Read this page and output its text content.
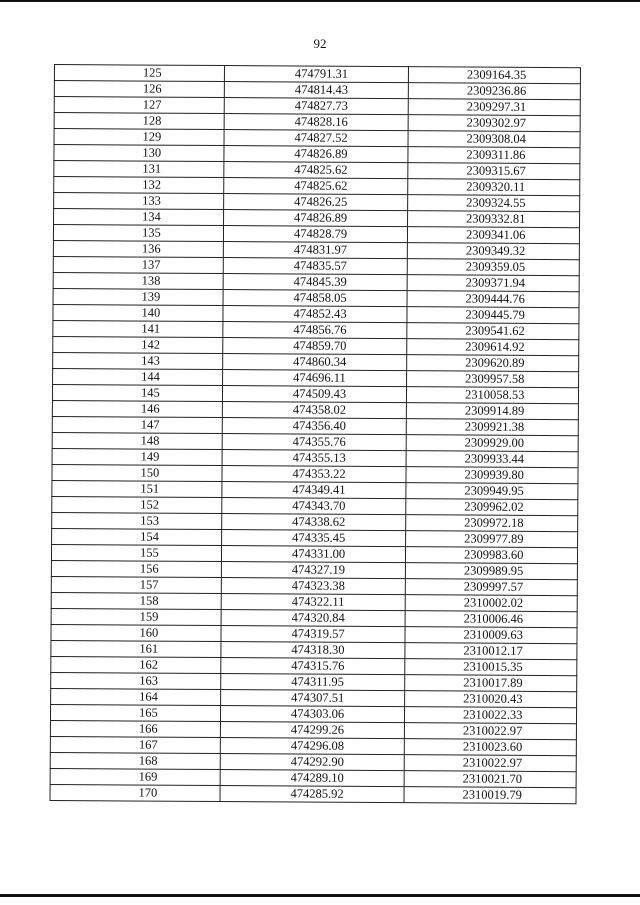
92
125	474791.31	2309164.35
126	474814.43	2309236.86
127	474827.73	2309297.31
128	474828.16	2309302.97
129	474827.52	2309308.04
130	474826.89	2309311.86
131	474825.62	2309315.67
132	474825.62	2309320.11
133	474826.25	2309324.55
134	474826.89	2309332.81
135	474828.79	2309341.06
136	474831.97	2309349.32
137	474835.57	2309359.05
138	474845.39	2309371.94
139	474858.05	2309444.76
140	474852.43	2309445.79
141	474856.76	2309541.62
142	474859.70	2309614.92
143	474860.34	2309620.89
144	474696.11	2309957.58
145	474509.43	2310058.53
146	474358.02	2309914.89
147	474356.40	2309921.38
148	474355.76	2309929.00
149	474355.13	2309933.44
150	474353.22	2309939.80
151	474349.41	2309949.95
152	474343.70	2309962.02
153	474338.62	2309972.18
154	474335.45	2309977.89
155	474331.00	2309983.60
156	474327.19	2309989.95
157	474323.38	2309997.57
158	474322.11	2310002.02
159	474320.84	2310006.46
160	474319.57	2310009.63
161	474318.30	2310012.17
162	474315.76	2310015.35
163	474311.95	2310017.89
164	474307.51	2310020.43
165	474303.06	2310022.33
166	474299.26	2310022.97
167	474296.08	2310023.60
168	474292.90	2310022.97
169	474289.10	2310021.70
170	474285.92	2310019.79
